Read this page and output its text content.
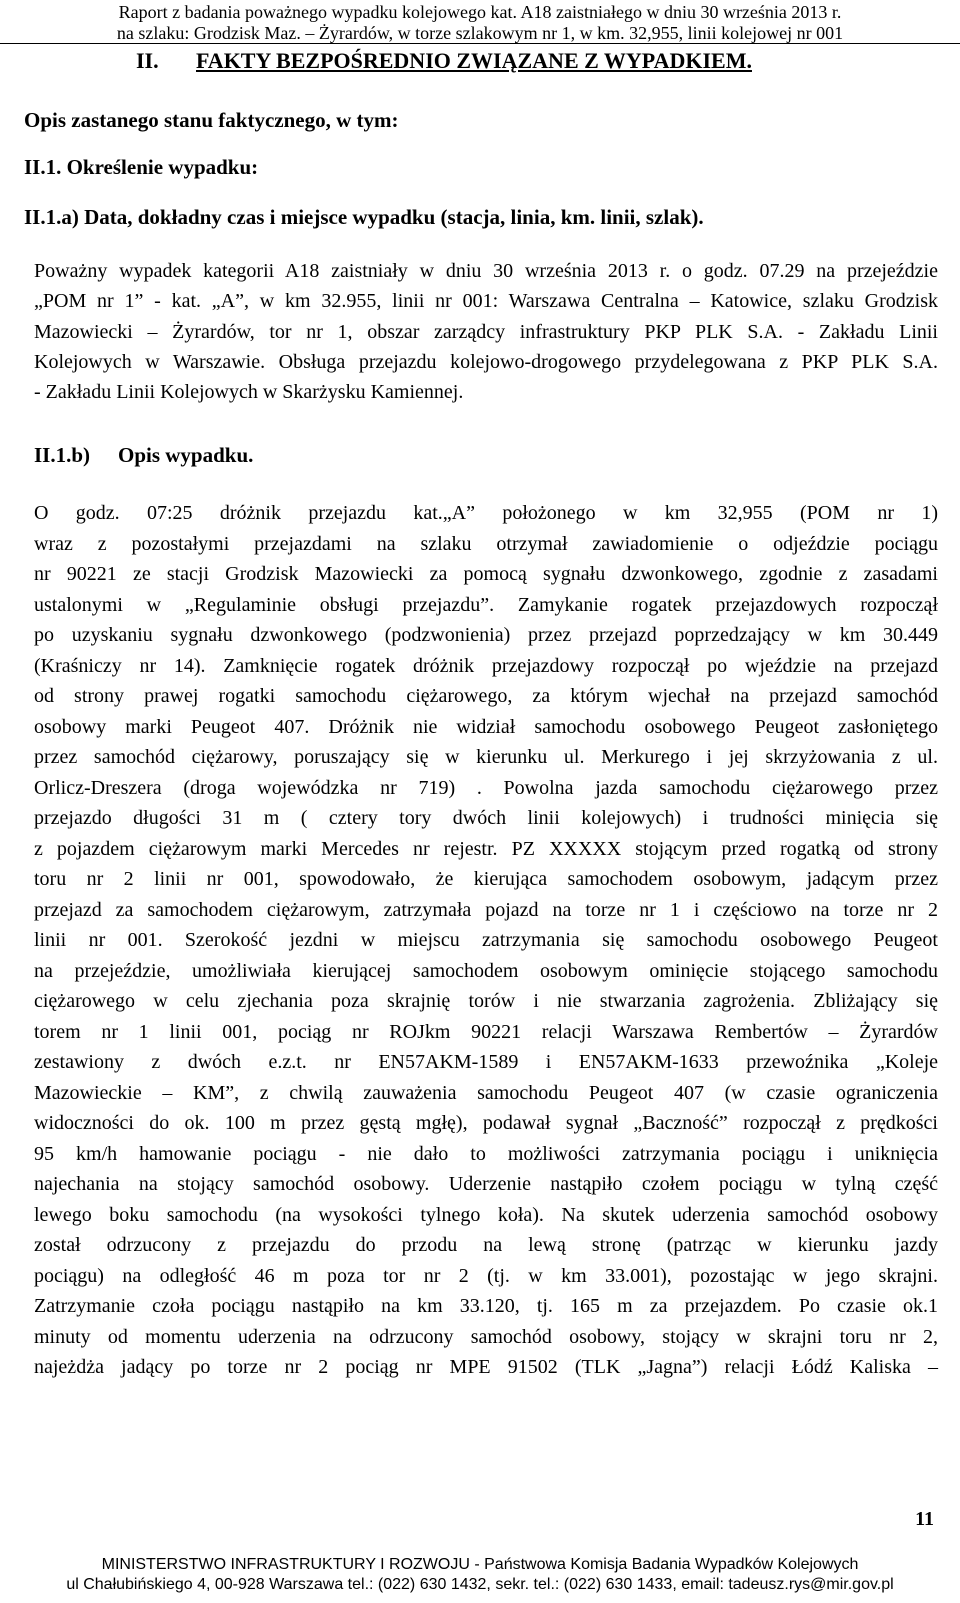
Raport z badania poważnego wypadku kolejowego kat. A18 zaistniałego w dniu 30 września 2013 r.
na szlaku: Grodzisk Maz. – Żyrardów, w torze szlakowym nr 1, w km. 32,955, linii kolejowej nr 001
II. FAKTY BEZPOŚREDNIO ZWIĄZANE Z WYPADKIEM.
Opis zastanego stanu faktycznego, w tym:
II.1. Określenie wypadku:
II.1.a) Data, dokładny czas i miejsce wypadku (stacja, linia, km. linii, szlak).

Poważny wypadek kategorii A18 zaistniały w dniu 30 września 2013 r. o godz. 07.29 na przejeździe

„POM nr 1” - kat. „A”, w km 32.955, linii nr 001: Warszawa Centralna – Katowice, szlaku Grodzisk

Mazowiecki – Żyrardów, tor nr 1, obszar zarządcy infrastruktury PKP PLK S.A. - Zakładu Linii

Kolejowych w Warszawie. Obsługa przejazdu kolejowo-drogowego przydelegowana z PKP PLK S.A.

- Zakładu Linii Kolejowych w Skarżysku Kamiennej.

II.1.b) Opis wypadku.

O godz. 07:25 dróżnik przejazdu kat.„A” położonego w km 32,955 (POM nr 1)

wraz z pozostałymi przejazdami na szlaku otrzymał zawiadomienie o odjeździe pociągu

nr 90221 ze stacji Grodzisk Mazowiecki za pomocą sygnału dzwonkowego, zgodnie z zasadami

ustalonymi w „Regulaminie obsługi przejazdu”. Zamykanie rogatek przejazdowych rozpoczął

po uzyskaniu sygnału dzwonkowego (podzwonienia) przez przejazd poprzedzający w km 30.449

(Kraśniczy nr 14). Zamknięcie rogatek dróżnik przejazdowy rozpoczął po wjeździe na przejazd

od strony prawej rogatki samochodu ciężarowego, za którym wjechał na przejazd samochód

osobowy marki Peugeot 407. Dróżnik nie widział samochodu osobowego Peugeot zasłoniętego

przez samochód ciężarowy, poruszający się w kierunku ul. Merkurego i jej skrzyżowania z ul.

Orlicz-Dreszera (droga wojewódzka nr 719) . Powolna jazda samochodu ciężarowego przez

przejazdo długości 31 m ( cztery tory dwóch linii kolejowych) i trudności minięcia się

z pojazdem ciężarowym marki Mercedes nr rejestr. PZ XXXXX stojącym przed rogatką od strony

toru nr 2 linii nr 001, spowodowało, że kierująca samochodem osobowym, jadącym przez

przejazd za samochodem ciężarowym, zatrzymała pojazd na torze nr 1 i częściowo na torze nr 2

linii nr 001. Szerokość jezdni w miejscu zatrzymania się samochodu osobowego Peugeot

na przejeździe, umożliwiała kierującej samochodem osobowym ominięcie stojącego samochodu

ciężarowego w celu zjechania poza skrajnię torów i nie stwarzania zagrożenia. Zbliżający się

torem nr 1 linii 001, pociąg nr ROJkm 90221 relacji Warszawa Rembertów – Żyrardów

zestawiony z dwóch e.z.t. nr EN57AKM-1589 i EN57AKM-1633 przewoźnika „Koleje

Mazowieckie – KM”, z chwilą zauważenia samochodu Peugeot 407 (w czasie ograniczenia

widoczności do ok. 100 m przez gęstą mgłę), podawał sygnał „Baczność” rozpoczął z prędkości

95 km/h hamowanie pociągu - nie dało to możliwości zatrzymania pociągu i uniknięcia

najechania na stojący samochód osobowy. Uderzenie nastąpiło czołem pociągu w tylną część

lewego boku samochodu (na wysokości tylnego koła). Na skutek uderzenia samochód osobowy

został odrzucony z przejazdu do przodu na lewą stronę (patrząc w kierunku jazdy

pociągu) na odległość 46 m poza tor nr 2 (tj. w km 33.001), pozostając w jego skrajni.

Zatrzymanie czoła pociągu nastąpiło na km 33.120, tj. 165 m za przejazdem. Po czasie ok.1

minuty od momentu uderzenia na odrzucony samochód osobowy, stojący w skrajni toru nr 2,

najeżdża jadący po torze nr 2 pociąg nr MPE 91502 (TLK „Jagna”) relacji Łódź Kaliska –

11
MINISTERSTWO INFRASTRUKTURY I ROZWOJU - Państwowa Komisja Badania Wypadków Kolejowych
ul Chałubińskiego 4, 00-928 Warszawa tel.: (022) 630 1432, sekr. tel.: (022) 630 1433, email: tadeusz.rys@mir.gov.pl
